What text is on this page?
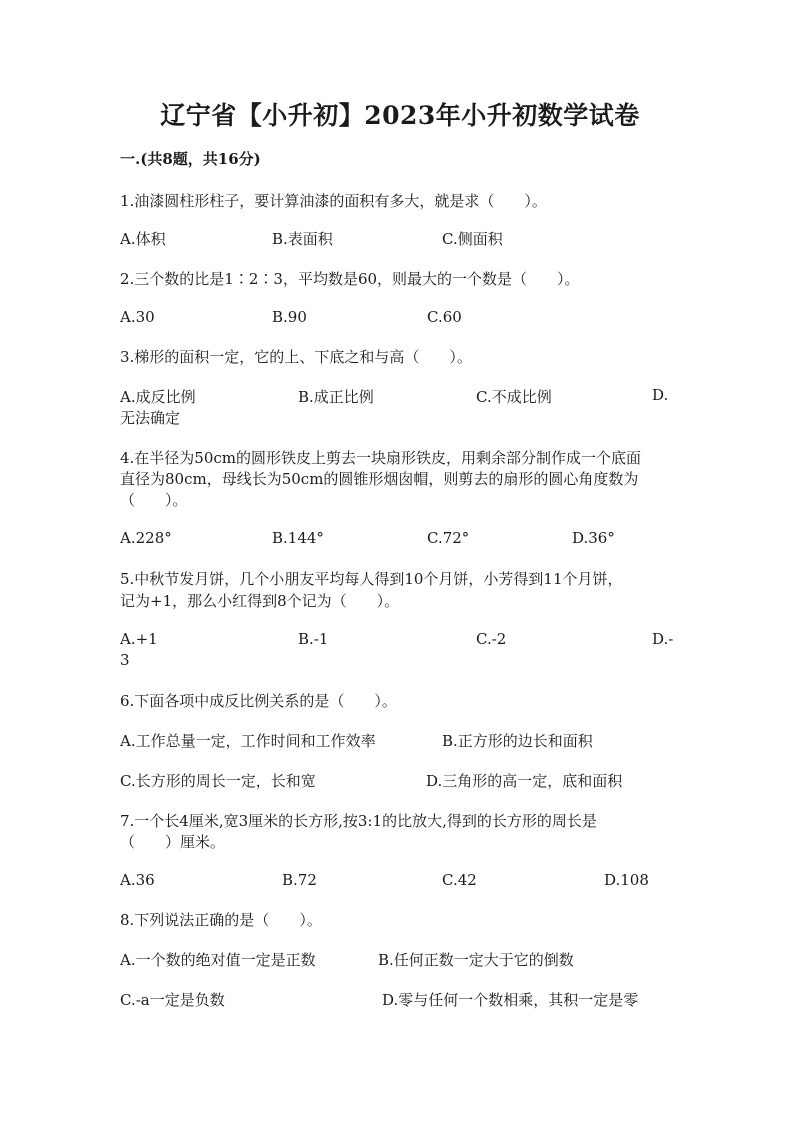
辽宁省【小升初】2023年小升初数学试卷
一.(共8题，共16分)
1.油漆圆柱形柱子，要计算油漆的面积有多大，就是求（　　）。
A.体积	B.表面积	C.侧面积
2.三个数的比是1∶2∶3，平均数是60，则最大的一个数是（　　）。
A.30	B.90	C.60
3.梯形的面积一定，它的上、下底之和与高（　　）。
A.成反比例	B.成正比例	C.不成比例	D.
无法确定
4.在半径为50cm的圆形铁皮上剪去一块扇形铁皮，用剩余部分制作成一个底面
直径为80cm，母线长为50cm的圆锥形烟囱帽，则剪去的扇形的圆心角度数为
（　　）。
A.228°	B.144°	C.72°	D.36°
5.中秋节发月饼，几个小朋友平均每人得到10个月饼，小芳得到11个月饼，
记为+1，那么小红得到8个记为（　　）。
A.+1	B.-1	C.-2	D.-
3
6.下面各项中成反比例关系的是（　　）。
A.工作总量一定，工作时间和工作效率	B.正方形的边长和面积
C.长方形的周长一定，长和宽	D.三角形的高一定，底和面积
7.一个长4厘米,宽3厘米的长方形,按3:1的比放大,得到的长方形的周长是
（　　）厘米。
A.36	B.72	C.42	D.108
8.下列说法正确的是（　　）。
A.一个数的绝对值一定是正数	B.任何正数一定大于它的倒数
C.-a一定是负数	D.零与任何一个数相乘，其积一定是零
